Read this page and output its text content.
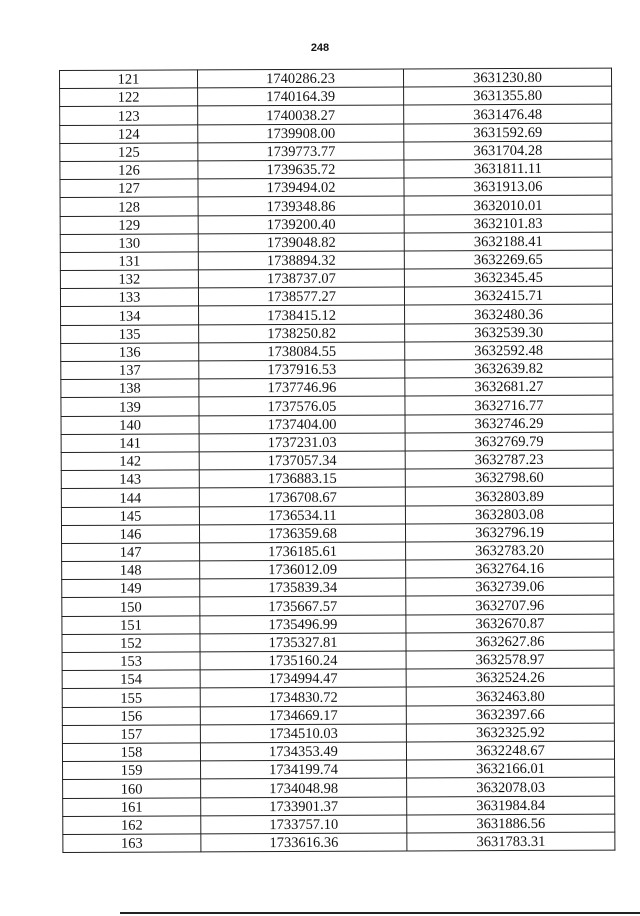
248
121	1740286.23	3631230.80
122	1740164.39	3631355.80
123	1740038.27	3631476.48
124	1739908.00	3631592.69
125	1739773.77	3631704.28
126	1739635.72	3631811.11
127	1739494.02	3631913.06
128	1739348.86	3632010.01
129	1739200.40	3632101.83
130	1739048.82	3632188.41
131	1738894.32	3632269.65
132	1738737.07	3632345.45
133	1738577.27	3632415.71
134	1738415.12	3632480.36
135	1738250.82	3632539.30
136	1738084.55	3632592.48
137	1737916.53	3632639.82
138	1737746.96	3632681.27
139	1737576.05	3632716.77
140	1737404.00	3632746.29
141	1737231.03	3632769.79
142	1737057.34	3632787.23
143	1736883.15	3632798.60
144	1736708.67	3632803.89
145	1736534.11	3632803.08
146	1736359.68	3632796.19
147	1736185.61	3632783.20
148	1736012.09	3632764.16
149	1735839.34	3632739.06
150	1735667.57	3632707.96
151	1735496.99	3632670.87
152	1735327.81	3632627.86
153	1735160.24	3632578.97
154	1734994.47	3632524.26
155	1734830.72	3632463.80
156	1734669.17	3632397.66
157	1734510.03	3632325.92
158	1734353.49	3632248.67
159	1734199.74	3632166.01
160	1734048.98	3632078.03
161	1733901.37	3631984.84
162	1733757.10	3631886.56
163	1733616.36	3631783.31
